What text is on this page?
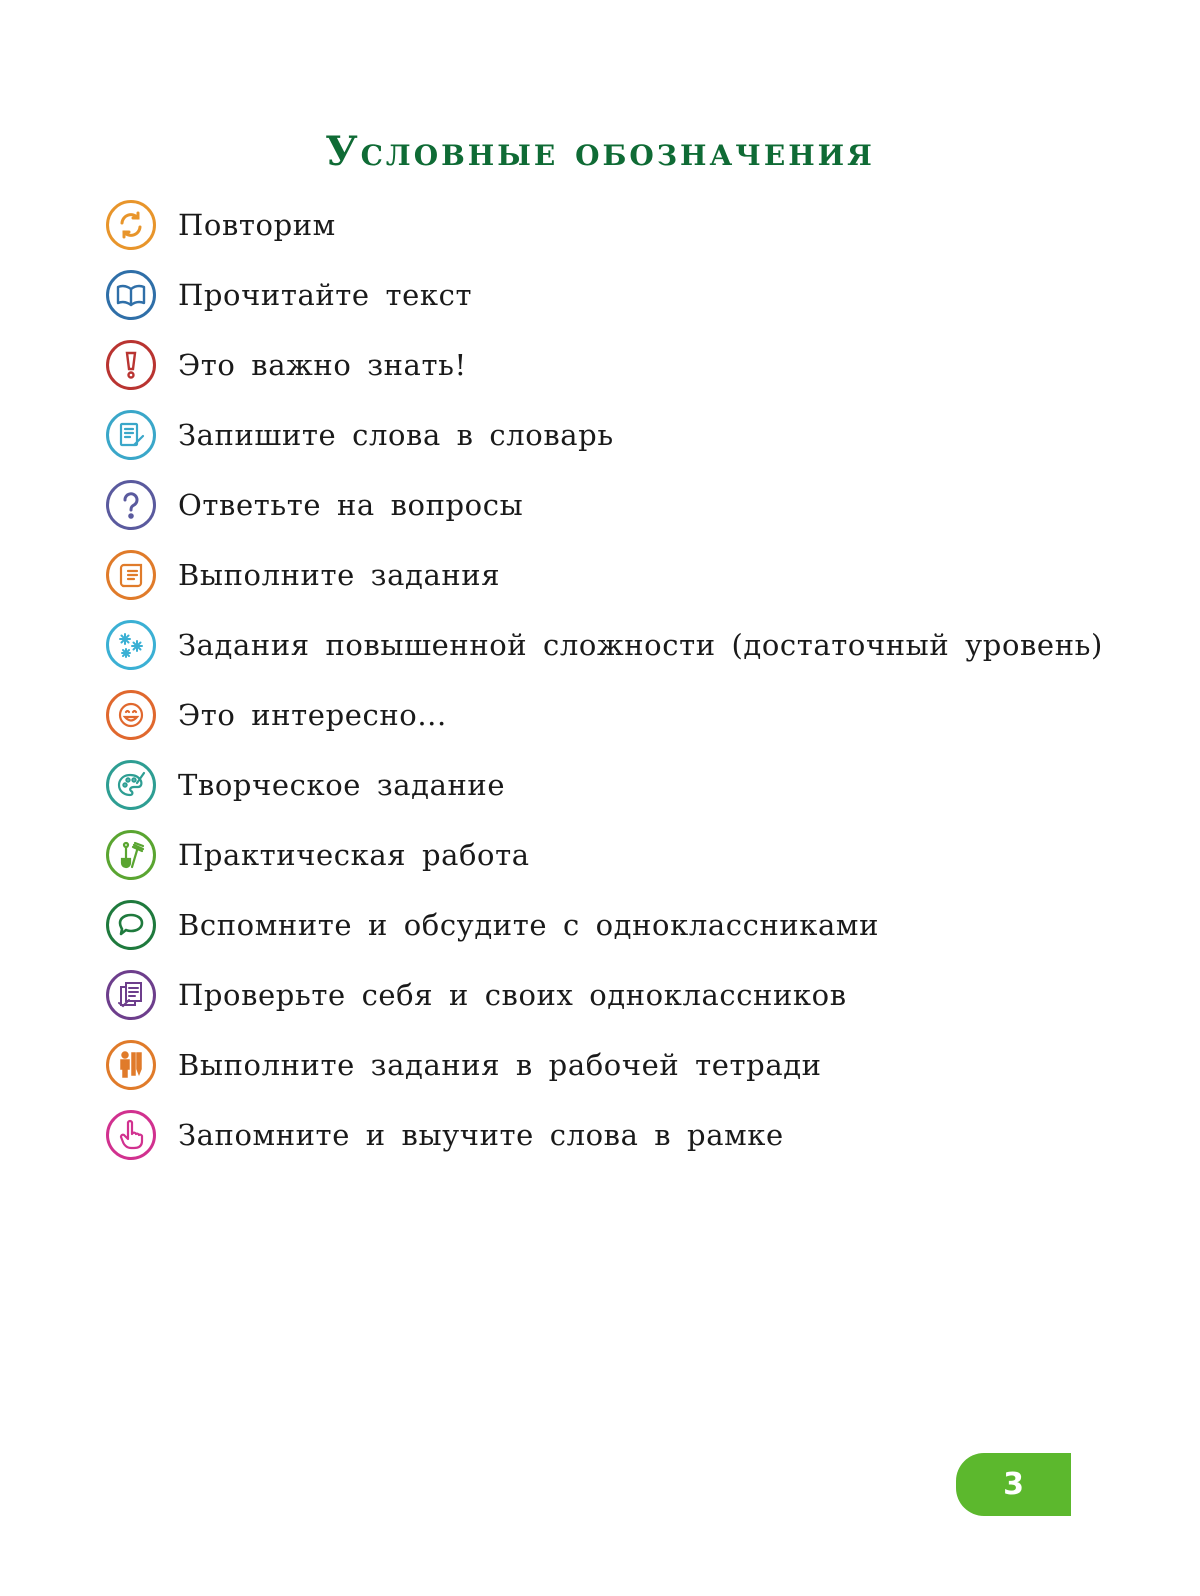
Условные обозначения
Повторим
Прочитайте текст
Это важно знать!
Запишите слова в словарь
Ответьте на вопросы
Выполните задания
Задания повышенной сложности (достаточный уровень)
Это интересно...
Творческое задание
Практическая работа
Вспомните и обсудите с одноклассниками
Проверьте себя и своих одноклассников
Выполните задания в рабочей тетради
Запомните и выучите слова в рамке
3
